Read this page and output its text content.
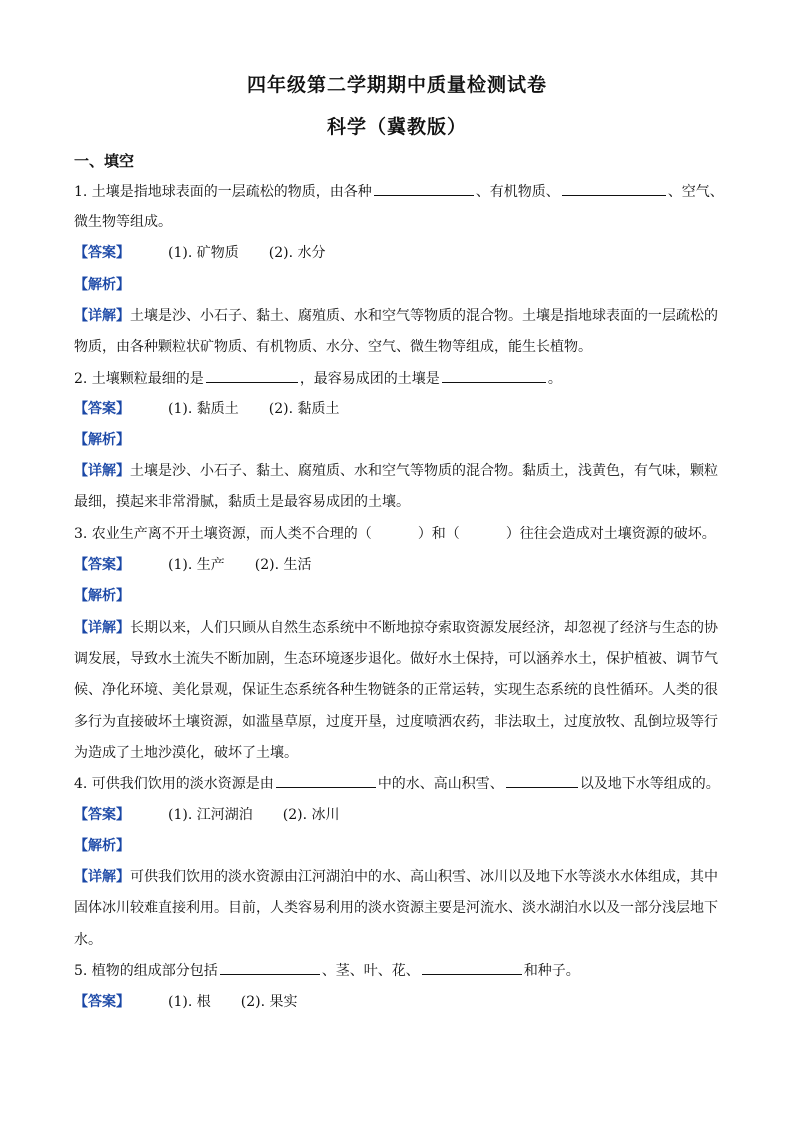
四年级第二学期期中质量检测试卷
科学（冀教版）
一、填空
1. 土壤是指地球表面的一层疏松的物质，由各种	、有机物质、	、空气、
微生物等组成。
【答案】	(1). 矿物质 (2). 水分
【解析】
【详解】土壤是沙、小石子、黏土、腐殖质、水和空气等物质的混合物。土壤是指地球表面的一层疏松的
物质，由各种颗粒状矿物质、有机物质、水分、空气、微生物等组成，能生长植物。
2. 土壤颗粒最细的是	，最容易成团的土壤是	。
【答案】	(1). 黏质土 (2). 黏质土
【解析】
【详解】土壤是沙、小石子、黏土、腐殖质、水和空气等物质的混合物。黏质土，浅黄色，有气味，颗粒
最细，摸起来非常滑腻，黏质土是最容易成团的土壤。
3. 农业生产离不开土壤资源，而人类不合理的（	）和（	）往往会造成对土壤资源的破坏。
【答案】	(1). 生产 (2). 生活
【解析】
【详解】长期以来，人们只顾从自然生态系统中不断地掠夺索取资源发展经济，却忽视了经济与生态的协
调发展，导致水土流失不断加剧，生态环境逐步退化。做好水土保持，可以涵养水土，保护植被、调节气
候、净化环境、美化景观，保证生态系统各种生物链条的正常运转，实现生态系统的良性循环。人类的很
多行为直接破坏土壤资源，如滥垦草原，过度开垦，过度喷洒农药，非法取土，过度放牧、乱倒垃圾等行
为造成了土地沙漠化，破坏了土壤。
4. 可供我们饮用的淡水资源是由	中的水、高山积雪、	以及地下水等组成的。
【答案】	(1). 江河湖泊 (2). 冰川
【解析】
【详解】可供我们饮用的淡水资源由江河湖泊中的水、高山积雪、冰川以及地下水等淡水水体组成，其中
固体冰川较难直接利用。目前，人类容易利用的淡水资源主要是河流水、淡水湖泊水以及一部分浅层地下
水。
5. 植物的组成部分包括	、茎、叶、花、	和种子。
【答案】	(1). 根 (2). 果实
